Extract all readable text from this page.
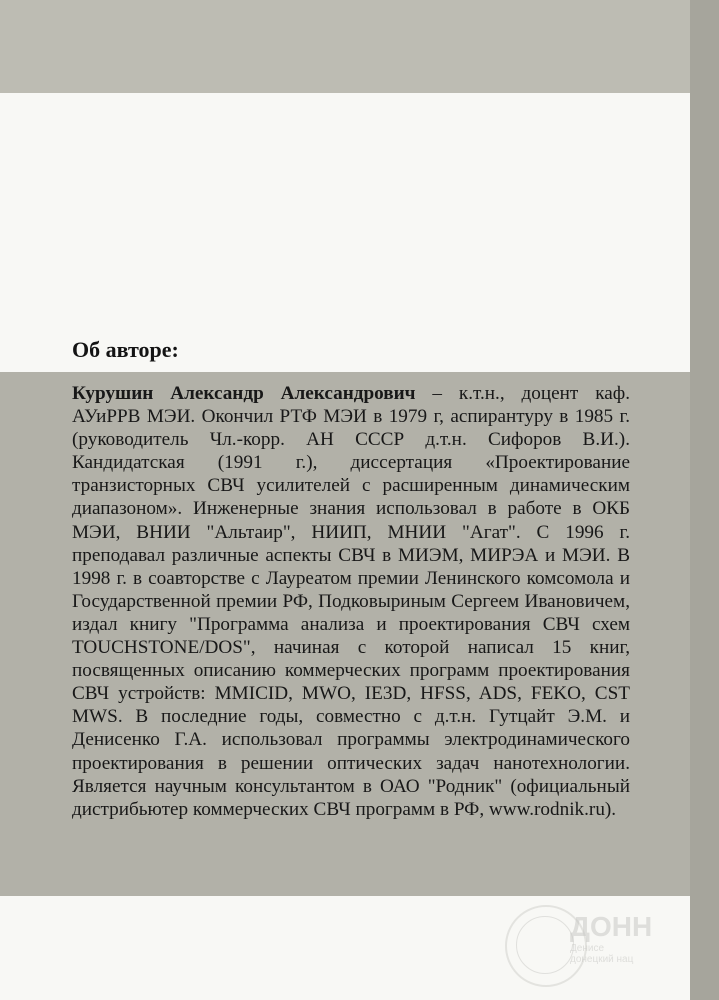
Об авторе:

Курушин Александр Александрович – к.т.н., доцент каф. АУиРРВ МЭИ. Окончил РТФ МЭИ в 1979 г, аспирантуру в 1985 г. (руководитель Чл.-корр. АН СССР д.т.н. Сифоров В.И.). Кандидатская (1991 г.), диссертация «Проектирование транзисторных СВЧ усилителей с расширенным динамическим диапазоном». Инженерные знания использовал в работе в ОКБ МЭИ, ВНИИ "Альтаир", НИИП, МНИИ "Агат". С 1996 г. преподавал различные аспекты СВЧ в МИЭМ, МИРЭА и МЭИ. В 1998 г. в соавторстве с Лауреатом премии Ленинского комсомола и Государственной премии РФ, Подковыриным Сергеем Ивановичем, издал книгу "Программа анализа и проектирования СВЧ схем TOUCHSTONE/DOS", начиная с которой написал 15 книг, посвященных описанию коммерческих программ проектирования СВЧ устройств: MMICID, MWO, IE3D, HFSS, ADS, FEKO, CST MWS. В последние годы, совместно с д.т.н. Гутцайт Э.М. и Денисенко Г.А. использовал программы электродинамического проектирования в решении оптических задач нанотехнологии. Является научным консультантом в ОАО "Родник" (официальный дистрибьютер коммерческих СВЧ программ в РФ, www.rodnik.ru).

ДОНН
Денисе
донецкий нац
